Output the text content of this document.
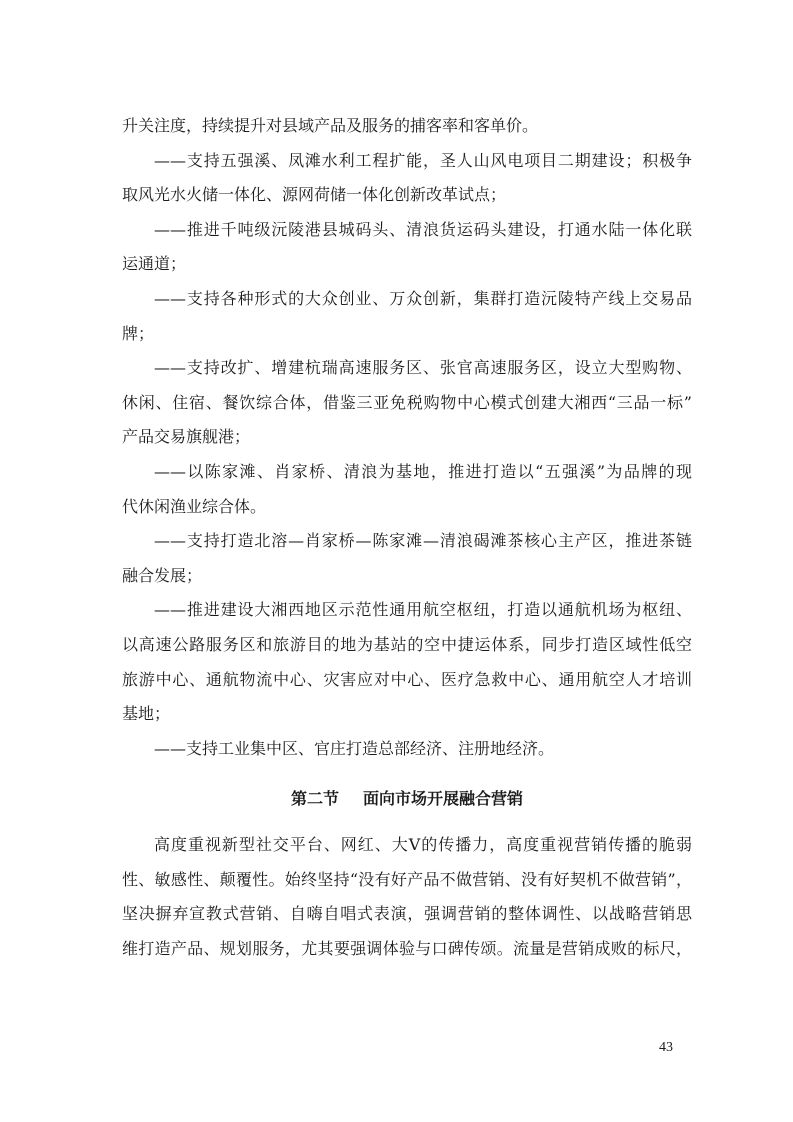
升关注度，持续提升对县域产品及服务的捕客率和客单价。
——支持五强溪、凤滩水利工程扩能，圣人山风电项目二期建设；积极争
取风光水火储一体化、源网荷储一体化创新改革试点；
——推进千吨级沅陵港县城码头、清浪货运码头建设，打通水陆一体化联
运通道；
——支持各种形式的大众创业、万众创新，集群打造沅陵特产线上交易品
牌；
——支持改扩、增建杭瑞高速服务区、张官高速服务区，设立大型购物、
休闲、住宿、餐饮综合体，借鉴三亚免税购物中心模式创建大湘西“三品一标”
产品交易旗舰港；
——以陈家滩、肖家桥、清浪为基地，推进打造以“五强溪”为品牌的现
代休闲渔业综合体。
——支持打造北溶—肖家桥—陈家滩—清浪碣滩茶核心主产区，推进茶链
融合发展；
——推进建设大湘西地区示范性通用航空枢纽，打造以通航机场为枢纽、
以高速公路服务区和旅游目的地为基站的空中捷运体系，同步打造区域性低空
旅游中心、通航物流中心、灾害应对中心、医疗急救中心、通用航空人才培训
基地；
——支持工业集中区、官庄打造总部经济、注册地经济。
第二节 面向市场开展融合营销
高度重视新型社交平台、网红、大V的传播力，高度重视营销传播的脆弱
性、敏感性、颠覆性。始终坚持“没有好产品不做营销、没有好契机不做营销”，
坚决摒弃宣教式营销、自嗨自唱式表演，强调营销的整体调性、以战略营销思
维打造产品、规划服务，尤其要强调体验与口碑传颂。流量是营销成败的标尺，
43
